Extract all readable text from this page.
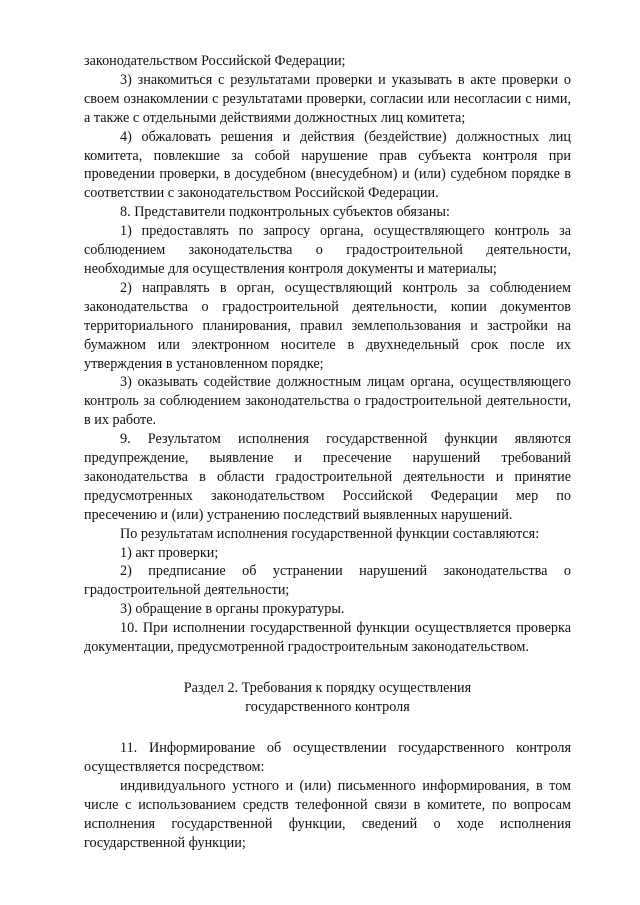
законодательством Российской Федерации;

3) знакомиться с результатами проверки и указывать в акте проверки о своем ознакомлении с результатами проверки, согласии или несогласии с ними, а также с отдельными действиями должностных лиц комитета;

4) обжаловать решения и действия (бездействие) должностных лиц комитета, повлекшие за собой нарушение прав субъекта контроля при проведении проверки, в досудебном (внесудебном) и (или) судебном порядке в соответствии с законодательством Российской Федерации.

8. Представители подконтрольных субъектов обязаны:

1) предоставлять по запросу органа, осуществляющего контроль за соблюдением законодательства о градостроительной деятельности, необходимые для осуществления контроля документы и материалы;

2) направлять в орган, осуществляющий контроль за соблюдением законодательства о градостроительной деятельности, копии документов территориального планирования, правил землепользования и застройки на бумажном или электронном носителе в двухнедельный срок после их утверждения в установленном порядке;

3) оказывать содействие должностным лицам органа, осуществляющего контроль за соблюдением законодательства о градостроительной деятельности, в их работе.

9. Результатом исполнения государственной функции являются предупреждение, выявление и пресечение нарушений требований законодательства в области градостроительной деятельности и принятие предусмотренных законодательством Российской Федерации мер по пресечению и (или) устранению последствий выявленных нарушений.

По результатам исполнения государственной функции составляются:

1) акт проверки;

2) предписание об устранении нарушений законодательства о градостроительной деятельности;

3) обращение в органы прокуратуры.

10. При исполнении государственной функции осуществляется проверка документации, предусмотренной градостроительным законодательством.

Раздел 2. Требования к порядку осуществления
государственного контроля

11. Информирование об осуществлении государственного контроля осуществляется посредством:

индивидуального устного и (или) письменного информирования, в том числе с использованием средств телефонной связи в комитете, по вопросам исполнения государственной функции, сведений о ходе исполнения государственной функции;
